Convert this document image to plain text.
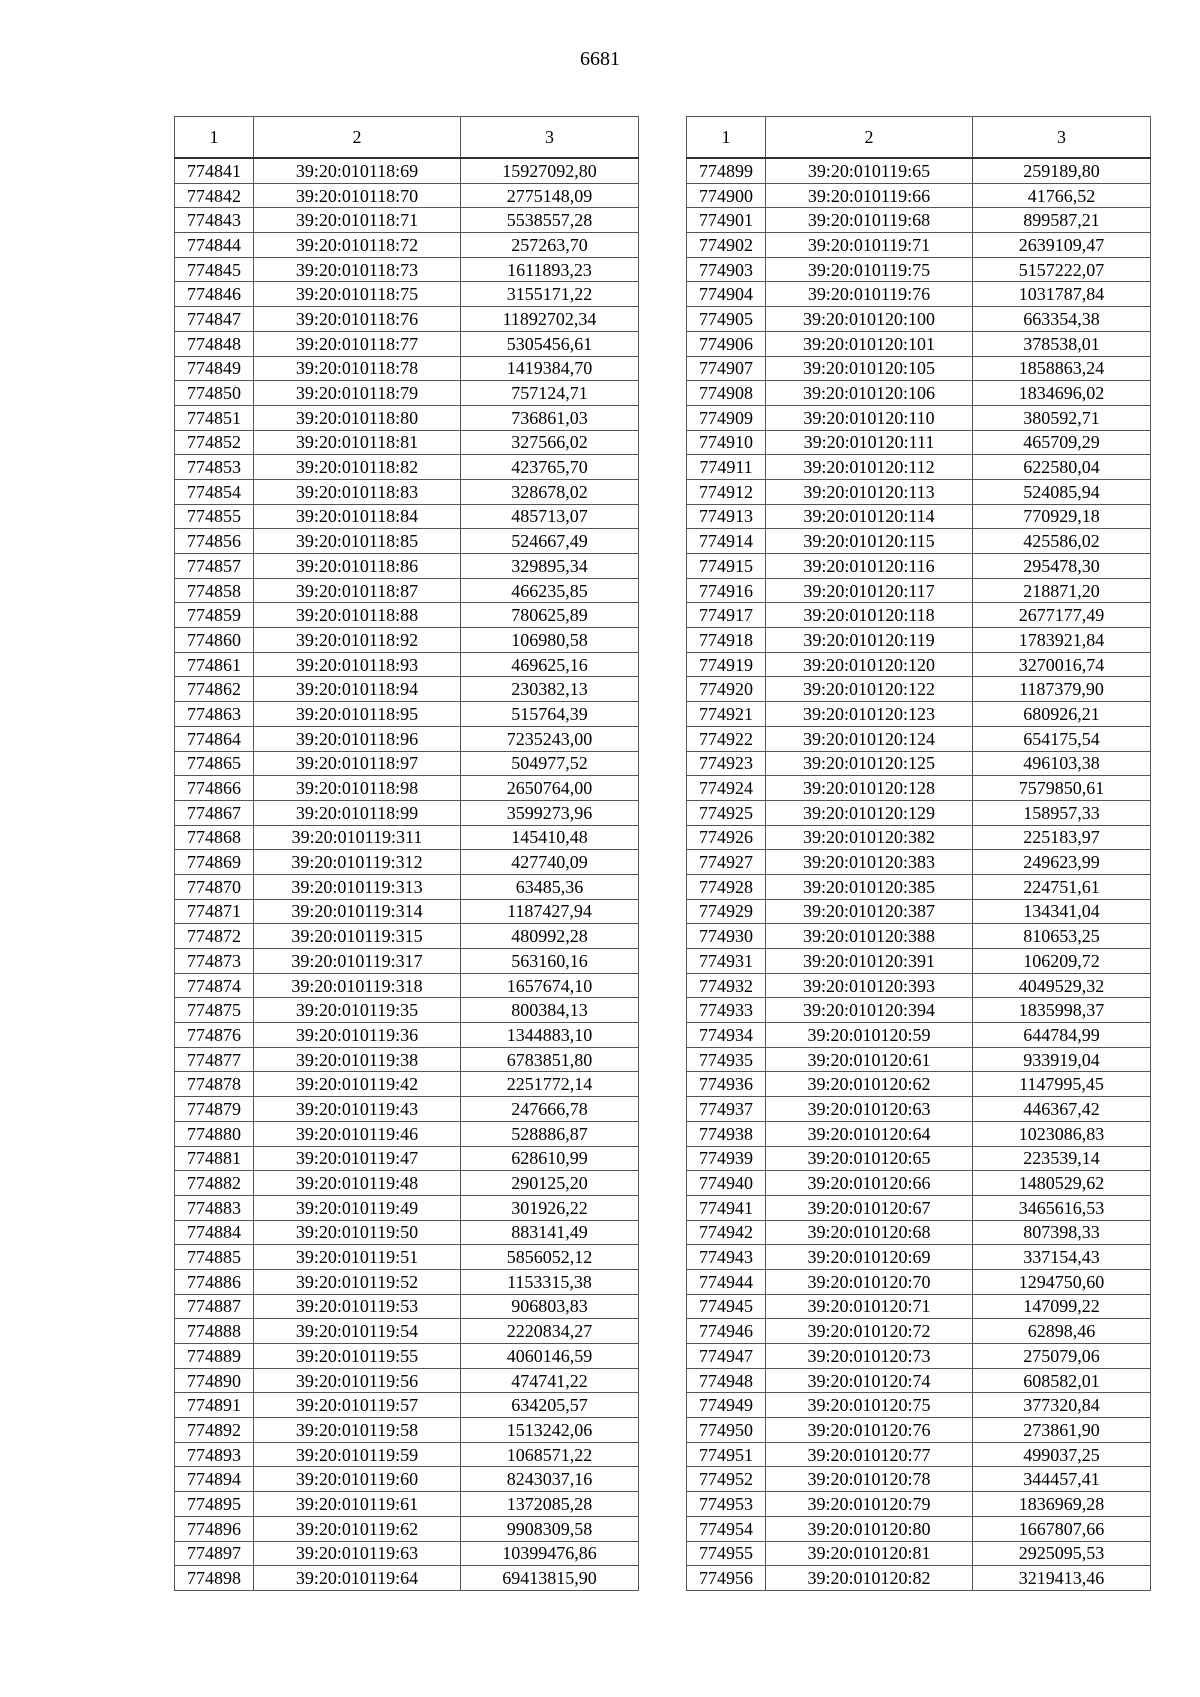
6681
1	2	3
774841	39:20:010118:69	15927092,80
774842	39:20:010118:70	2775148,09
774843	39:20:010118:71	5538557,28
774844	39:20:010118:72	257263,70
774845	39:20:010118:73	1611893,23
774846	39:20:010118:75	3155171,22
774847	39:20:010118:76	11892702,34
774848	39:20:010118:77	5305456,61
774849	39:20:010118:78	1419384,70
774850	39:20:010118:79	757124,71
774851	39:20:010118:80	736861,03
774852	39:20:010118:81	327566,02
774853	39:20:010118:82	423765,70
774854	39:20:010118:83	328678,02
774855	39:20:010118:84	485713,07
774856	39:20:010118:85	524667,49
774857	39:20:010118:86	329895,34
774858	39:20:010118:87	466235,85
774859	39:20:010118:88	780625,89
774860	39:20:010118:92	106980,58
774861	39:20:010118:93	469625,16
774862	39:20:010118:94	230382,13
774863	39:20:010118:95	515764,39
774864	39:20:010118:96	7235243,00
774865	39:20:010118:97	504977,52
774866	39:20:010118:98	2650764,00
774867	39:20:010118:99	3599273,96
774868	39:20:010119:311	145410,48
774869	39:20:010119:312	427740,09
774870	39:20:010119:313	63485,36
774871	39:20:010119:314	1187427,94
774872	39:20:010119:315	480992,28
774873	39:20:010119:317	563160,16
774874	39:20:010119:318	1657674,10
774875	39:20:010119:35	800384,13
774876	39:20:010119:36	1344883,10
774877	39:20:010119:38	6783851,80
774878	39:20:010119:42	2251772,14
774879	39:20:010119:43	247666,78
774880	39:20:010119:46	528886,87
774881	39:20:010119:47	628610,99
774882	39:20:010119:48	290125,20
774883	39:20:010119:49	301926,22
774884	39:20:010119:50	883141,49
774885	39:20:010119:51	5856052,12
774886	39:20:010119:52	1153315,38
774887	39:20:010119:53	906803,83
774888	39:20:010119:54	2220834,27
774889	39:20:010119:55	4060146,59
774890	39:20:010119:56	474741,22
774891	39:20:010119:57	634205,57
774892	39:20:010119:58	1513242,06
774893	39:20:010119:59	1068571,22
774894	39:20:010119:60	8243037,16
774895	39:20:010119:61	1372085,28
774896	39:20:010119:62	9908309,58
774897	39:20:010119:63	10399476,86
774898	39:20:010119:64	69413815,90
1	2	3
774899	39:20:010119:65	259189,80
774900	39:20:010119:66	41766,52
774901	39:20:010119:68	899587,21
774902	39:20:010119:71	2639109,47
774903	39:20:010119:75	5157222,07
774904	39:20:010119:76	1031787,84
774905	39:20:010120:100	663354,38
774906	39:20:010120:101	378538,01
774907	39:20:010120:105	1858863,24
774908	39:20:010120:106	1834696,02
774909	39:20:010120:110	380592,71
774910	39:20:010120:111	465709,29
774911	39:20:010120:112	622580,04
774912	39:20:010120:113	524085,94
774913	39:20:010120:114	770929,18
774914	39:20:010120:115	425586,02
774915	39:20:010120:116	295478,30
774916	39:20:010120:117	218871,20
774917	39:20:010120:118	2677177,49
774918	39:20:010120:119	1783921,84
774919	39:20:010120:120	3270016,74
774920	39:20:010120:122	1187379,90
774921	39:20:010120:123	680926,21
774922	39:20:010120:124	654175,54
774923	39:20:010120:125	496103,38
774924	39:20:010120:128	7579850,61
774925	39:20:010120:129	158957,33
774926	39:20:010120:382	225183,97
774927	39:20:010120:383	249623,99
774928	39:20:010120:385	224751,61
774929	39:20:010120:387	134341,04
774930	39:20:010120:388	810653,25
774931	39:20:010120:391	106209,72
774932	39:20:010120:393	4049529,32
774933	39:20:010120:394	1835998,37
774934	39:20:010120:59	644784,99
774935	39:20:010120:61	933919,04
774936	39:20:010120:62	1147995,45
774937	39:20:010120:63	446367,42
774938	39:20:010120:64	1023086,83
774939	39:20:010120:65	223539,14
774940	39:20:010120:66	1480529,62
774941	39:20:010120:67	3465616,53
774942	39:20:010120:68	807398,33
774943	39:20:010120:69	337154,43
774944	39:20:010120:70	1294750,60
774945	39:20:010120:71	147099,22
774946	39:20:010120:72	62898,46
774947	39:20:010120:73	275079,06
774948	39:20:010120:74	608582,01
774949	39:20:010120:75	377320,84
774950	39:20:010120:76	273861,90
774951	39:20:010120:77	499037,25
774952	39:20:010120:78	344457,41
774953	39:20:010120:79	1836969,28
774954	39:20:010120:80	1667807,66
774955	39:20:010120:81	2925095,53
774956	39:20:010120:82	3219413,46
